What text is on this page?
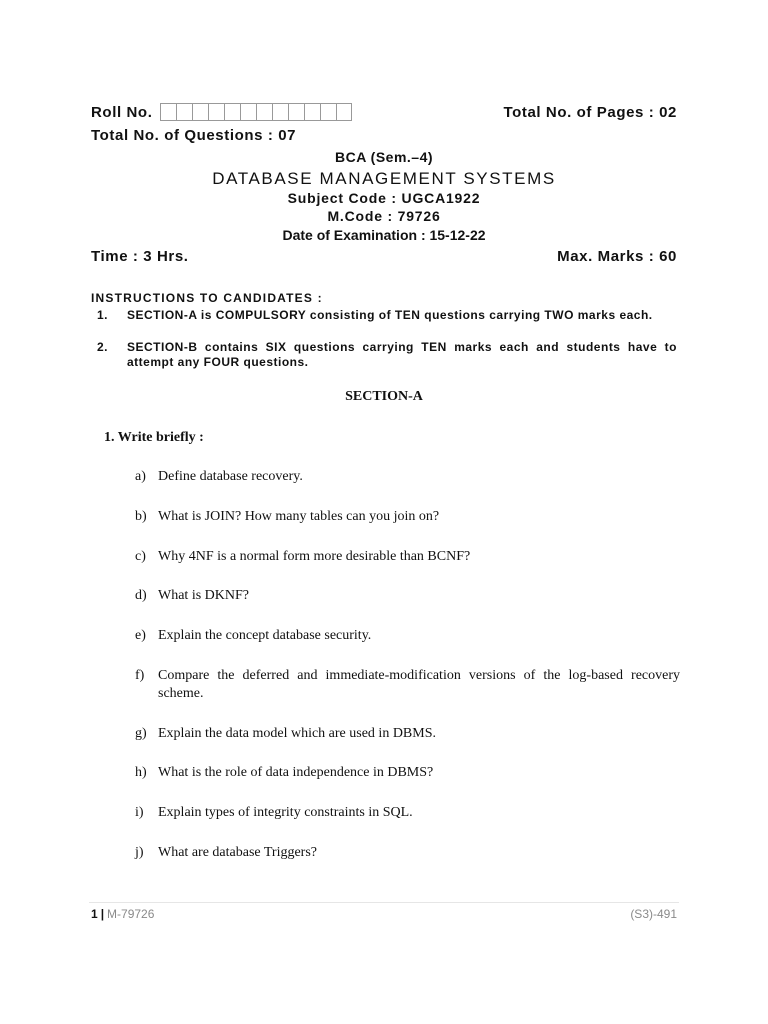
Roll No.	Total No. of Pages : 02
Total No. of Questions : 07
BCA (Sem.–4)
DATABASE MANAGEMENT SYSTEMS
Subject Code : UGCA1922
M.Code : 79726
Date of Examination : 15-12-22
Time : 3 Hrs.	Max. Marks : 60
INSTRUCTIONS TO CANDIDATES :
1.	SECTION-A is COMPULSORY consisting of TEN questions carrying TWO marks each.
2.	SECTION-B contains SIX questions carrying TEN marks each and students have to attempt any FOUR questions.
SECTION-A
1. Write briefly :
a) Define database recovery.
b) What is JOIN? How many tables can you join on?
c) Why 4NF is a normal form more desirable than BCNF?
d) What is DKNF?
e) Explain the concept database security.
f) Compare the deferred and immediate-modification versions of the log-based recovery scheme.
g) Explain the data model which are used in DBMS.
h) What is the role of data independence in DBMS?
i)	Explain types of integrity constraints in SQL.
j)	What are database Triggers?
1 | M-79726	(S3)-491
